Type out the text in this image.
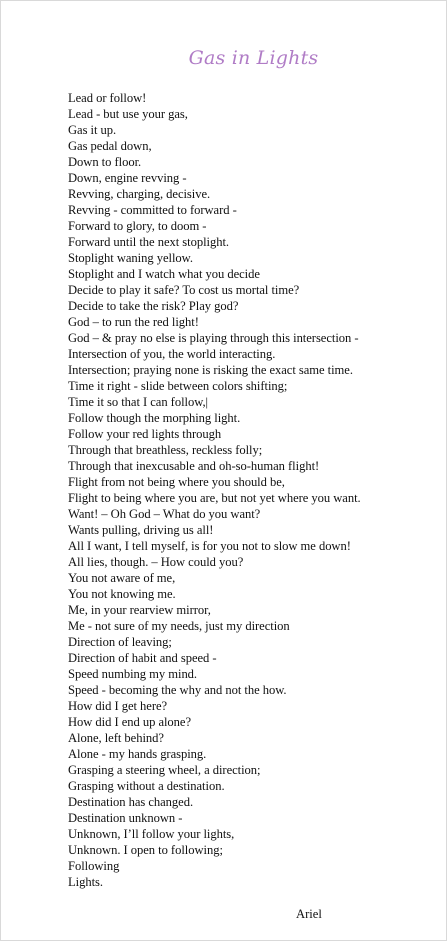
Gas in Lights
Lead or follow!
Lead - but use your gas,
Gas it up.
Gas pedal down,
Down to floor.
Down, engine revving -
Revving, charging, decisive.
Revving - committed to forward -
Forward to glory, to doom -
Forward until the next stoplight.
Stoplight waning yellow.
Stoplight and I watch what you decide
Decide to play it safe? To cost us mortal time?
Decide to take the risk? Play god?
God – to run the red light!
God – & pray no else is playing through this intersection -
Intersection of you, the world interacting.
Intersection; praying none is risking the exact same time.
Time it right - slide between colors shifting;
Time it so that I can follow,|
Follow though the morphing light.
Follow your red lights through
Through that breathless, reckless folly;
Through that inexcusable and oh-so-human flight!
Flight from not being where you should be,
Flight to being where you are, but not yet where you want.
Want! – Oh God – What do you want?
Wants pulling, driving us all!
All I want, I tell myself, is for you not to slow me down!
All lies, though. – How could you?
You not aware of me,
You not knowing me.
Me, in your rearview mirror,
Me - not sure of my needs, just my direction
Direction of leaving;
Direction of habit and speed -
Speed numbing my mind.
Speed - becoming the why and not the how.
How did I get here?
How did I end up alone?
Alone, left behind?
Alone - my hands grasping.
Grasping a steering wheel, a direction;
Grasping without a destination.
Destination has changed.
Destination unknown -
Unknown, I’ll follow your lights,
Unknown. I open to following;
Following
Lights.
Ariel
